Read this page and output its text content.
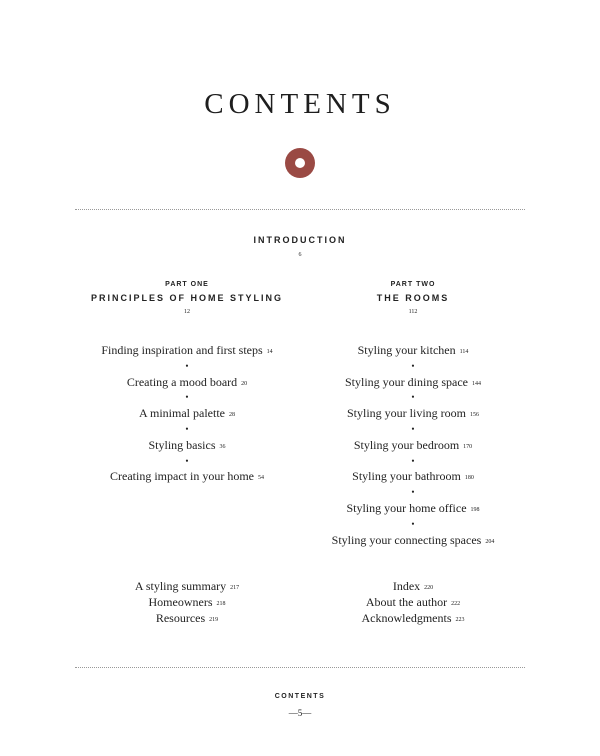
CONTENTS
INTRODUCTION
6
PART ONE
PRINCIPLES OF HOME STYLING
12
Finding inspiration and first steps 14
•
Creating a mood board 20
•
A minimal palette 28
•
Styling basics 36
•
Creating impact in your home 54
A styling summary 217
Homeowners 218
Resources 219
PART TWO
THE ROOMS
112
Styling your kitchen 114
•
Styling your dining space 144
•
Styling your living room 156
•
Styling your bedroom 170
•
Styling your bathroom 180
•
Styling your home office 198
•
Styling your connecting spaces 204
Index 220
About the author 222
Acknowledgments 223
CONTENTS
—5—
